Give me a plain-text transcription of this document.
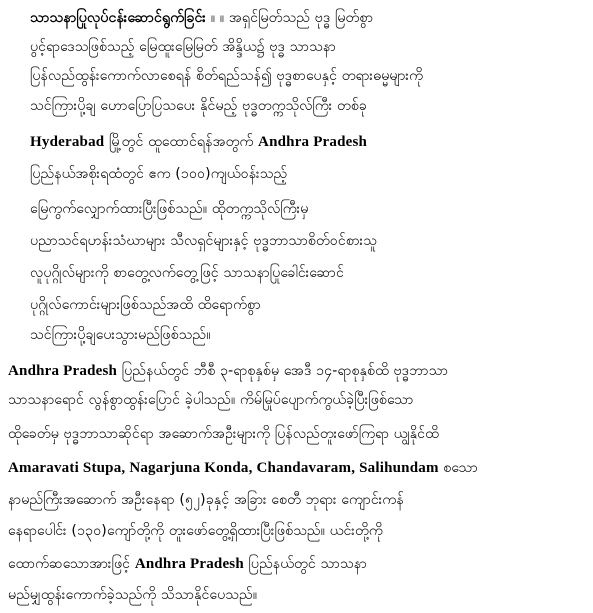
သာသနာပြုလုပ်ငန်းဆောင်ရွက်ခြင်း ။ ။ အရှင်မြတ်သည် ဗုဒ္ဓ မြတ်စွာ
ပွင့်ရာဒေသဖြစ်သည့် မြေထူးမြေမြတ် အိန္ဒိယ၌ ဗုဒ္ဓ သာသနာ
ပြန်လည်ထွန်းကောက်လာစေရန် စိတ်ရည်သန်၍ ဗုဒ္ဓစာပေနှင့် တရားဓမ္မများကို
သင်ကြားပို့ချ ဟောပြောပြသပေး နိုင်မည့် ဗုဒ္ဓတက္ကသိုလ်ကြီး တစ်ခု
Hyderabad မြို့တွင် ထူထောင်ရန်အတွက် Andhra Pradesh
ပြည်နယ်အစိုးရထံတွင် ဧက (၁၀၀)ကျယ်ဝန်းသည့်
မြေကွက်လျှောက်ထားပြီးဖြစ်သည်။ ထိုတက္ကသိုလ်ကြီးမှ
ပညာသင်ရဟန်းသံဃာများ သီလရှင်များနှင့် ဗုဒ္ဓဘာသာစိတ်ဝင်စားသူ
လူပုဂ္ဂိုလ်များကို စာတွေ့လက်တွေ့ဖြင့် သာသနာပြုခေါင်းဆောင်
ပုဂ္ဂိုလ်ကောင်းများဖြစ်သည်အထိ ထိရောက်စွာ
သင်ကြားပို့ချပေးသွားမည်ဖြစ်သည်။
Andhra Pradesh ပြည်နယ်တွင် ဘီစီ ၃-ရာစုနှစ်မှ အေဒီ ၁၄-ရာစုနှစ်ထိ ဗုဒ္ဓဘာသာ
သာသနာရောင် လွန်စွာထွန်းပြောင် ခဲ့ပါသည်။ ကိမ်မြုပ်ပျောက်ကွယ်ခဲ့ပြီးဖြစ်သော
ထိုခေတ်မှ ဗုဒ္ဓဘာသာဆိုင်ရာ အဆောက်အဦးများကို ပြန်လည်တူးဖော်ကြရာ ယျွနိုင်ထိ
Amaravati Stupa, Nagarjuna Konda, Chandavaram, Salihundam စသော
နာမည်ကြီးအဆောက် အဦးနေရာ (၅၂)ခုနှင့် အခြား စေတီ ဘုရား ကျောင်းကန်
နေရာပေါင်း (၁၃၀)ကျော်တို့ကို တူးဖော်တွေ့ရှိထားပြီးဖြစ်သည်။ ယင်းတို့ကို
ထောက်ဆသောအားဖြင့် Andhra Pradesh ပြည်နယ်တွင် သာသနာ
မည်မျှထွန်းကောက်ခဲ့သည်ကို သိသာနိုင်ပေသည်။
